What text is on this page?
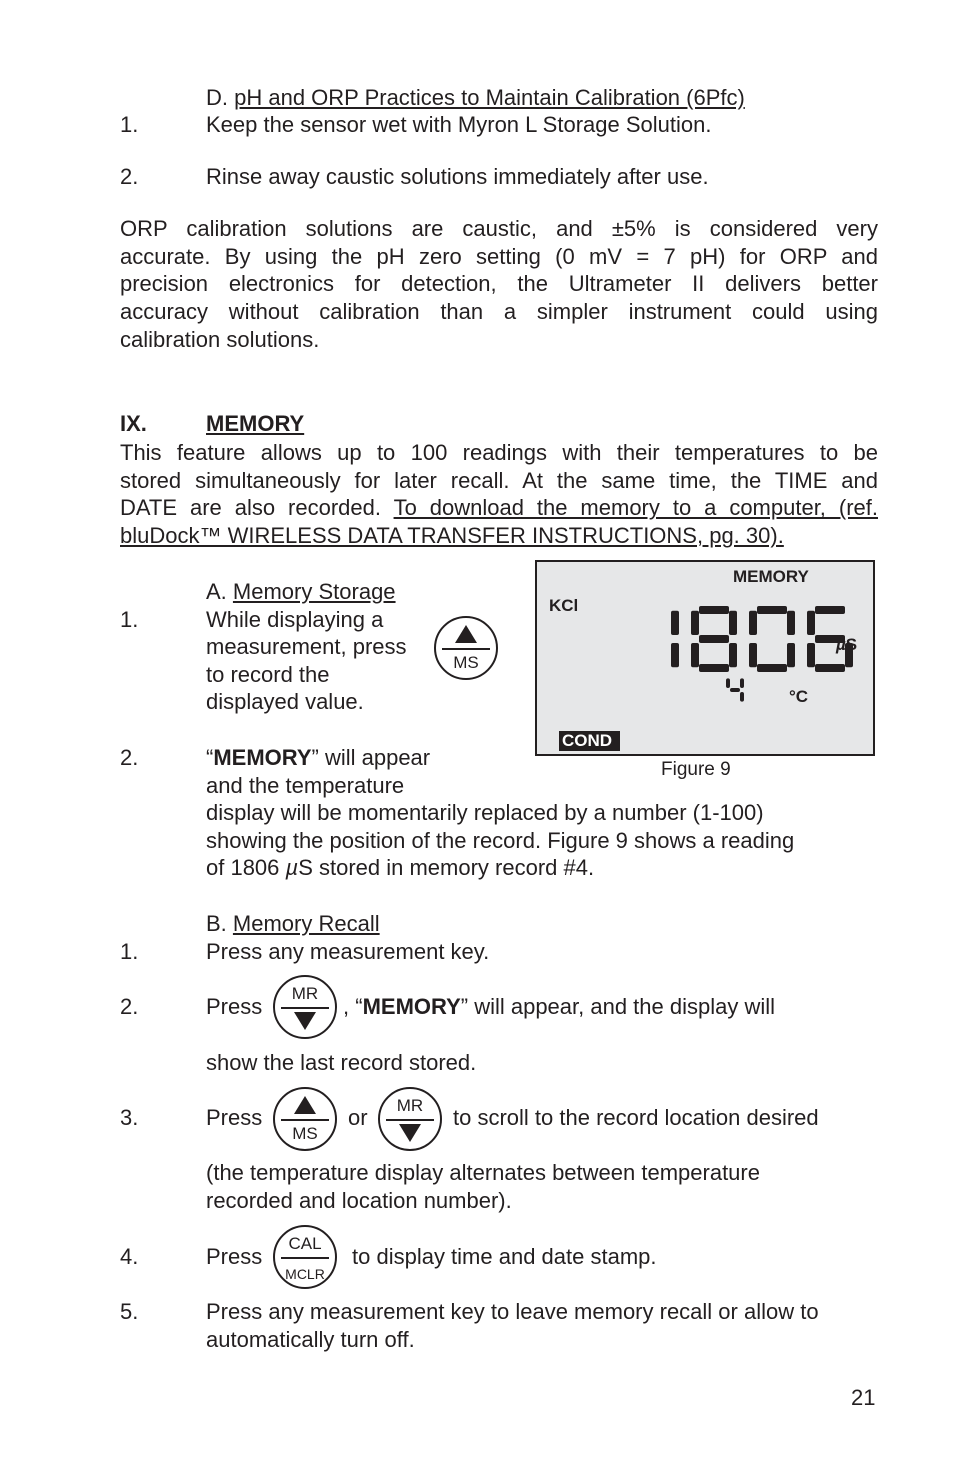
D. pH and ORP Practices to Maintain Calibration (6Pfc)
1.	Keep the sensor wet with Myron L Storage Solution.
2.	Rinse away caustic solutions immediately after use.
ORP calibration solutions are caustic, and ±5% is considered very
accurate. By using the pH zero setting (0 mV = 7 pH) for ORP and
precision electronics for detection, the Ultrameter II delivers better
accuracy without calibration than a simpler instrument could using
calibration solutions.
IX.	MEMORY
This feature allows up to 100 readings with their temperatures to be
stored simultaneously for later recall. At the same time, the TIME and
DATE are also recorded. To download the memory to a computer, (ref.
bluDock™ WIRELESS DATA TRANSFER INSTRUCTIONS, pg. 30).
A. Memory Storage
1.	While displaying a
measurement, press
to record the
displayed value.
MS
2.	“MEMORY” will appear
and the temperature
display will be momentarily replaced by a number (1-100)
showing the position of the record. Figure 9 shows a reading
of 1806 µS stored in memory record #4.
MEMORY
KCl
µS
°C
COND
Figure 9
B. Memory Recall
1.	Press any measurement key.
2.	Press
MR
, “MEMORY” will appear, and the display will
show the last record stored.
3.	Press
MS
or	MR	to scroll to the record location desired
(the temperature display alternates between temperature
recorded and location number).
4.	Press
CAL
MCLR
to display time and date stamp.
5.	Press any measurement key to leave memory recall or allow to
automatically turn off.
21
